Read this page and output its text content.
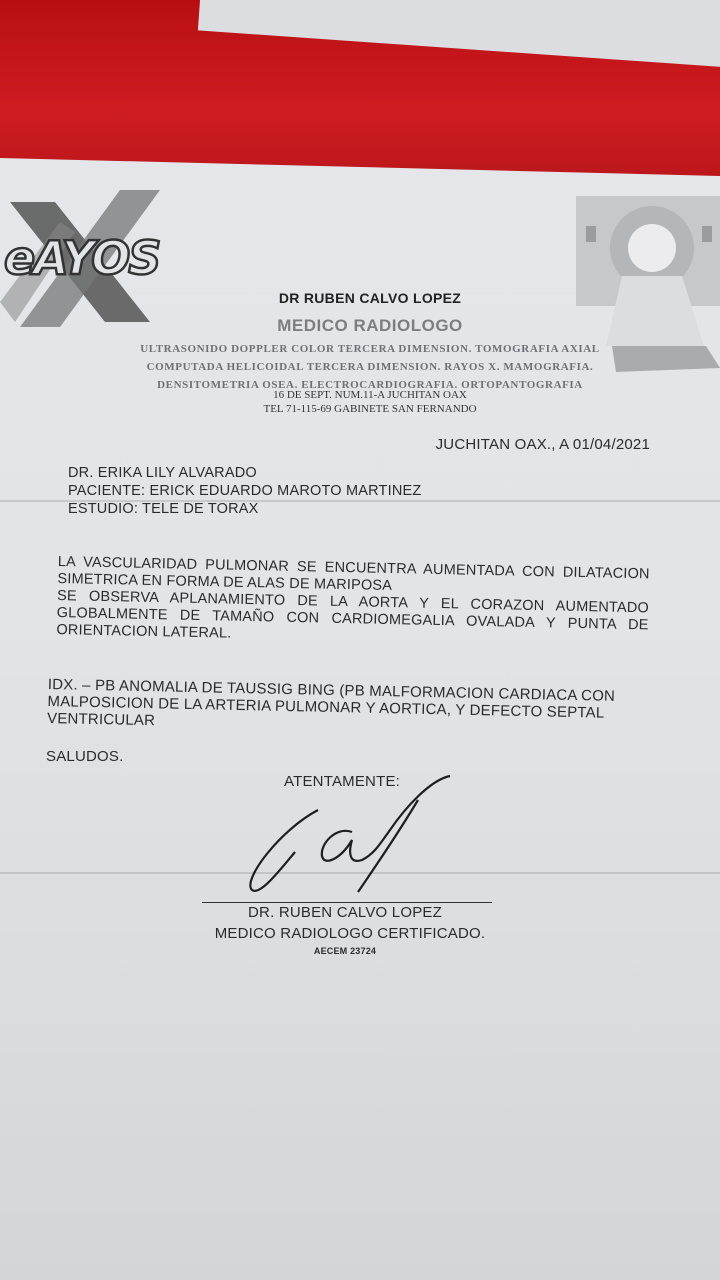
eAYOS
DR RUBEN CALVO LOPEZ
MEDICO RADIOLOGO
ULTRASONIDO DOPPLER COLOR TERCERA DIMENSION. TOMOGRAFIA AXIAL
COMPUTADA HELICOIDAL TERCERA DIMENSION. RAYOS X. MAMOGRAFIA.
DENSITOMETRIA OSEA. ELECTROCARDIOGRAFIA. ORTOPANTOGRAFIA
16 DE SEPT. NUM.11-A JUCHITAN OAX
TEL 71-115-69 GABINETE SAN FERNANDO
JUCHITAN OAX., A 01/04/2021
DR. ERIKA LILY ALVARADO
PACIENTE: ERICK EDUARDO MAROTO MARTINEZ
ESTUDIO: TELE DE TORAX
LA VASCULARIDAD PULMONAR SE ENCUENTRA AUMENTADA CON DILATACION SIMETRICA EN FORMA DE ALAS DE MARIPOSA
SE OBSERVA APLANAMIENTO DE LA AORTA Y EL CORAZON AUMENTADO GLOBALMENTE DE TAMAÑO CON CARDIOMEGALIA OVALADA Y PUNTA DE ORIENTACION LATERAL.
IDX. – PB ANOMALIA DE TAUSSIG BING (PB MALFORMACION CARDIACA CON MALPOSICION DE LA ARTERIA PULMONAR Y AORTICA, Y DEFECTO SEPTAL VENTRICULAR
SALUDOS.
ATENTAMENTE:
DR. RUBEN CALVO LOPEZ
MEDICO RADIOLOGO CERTIFICADO.
AECEM 23724
